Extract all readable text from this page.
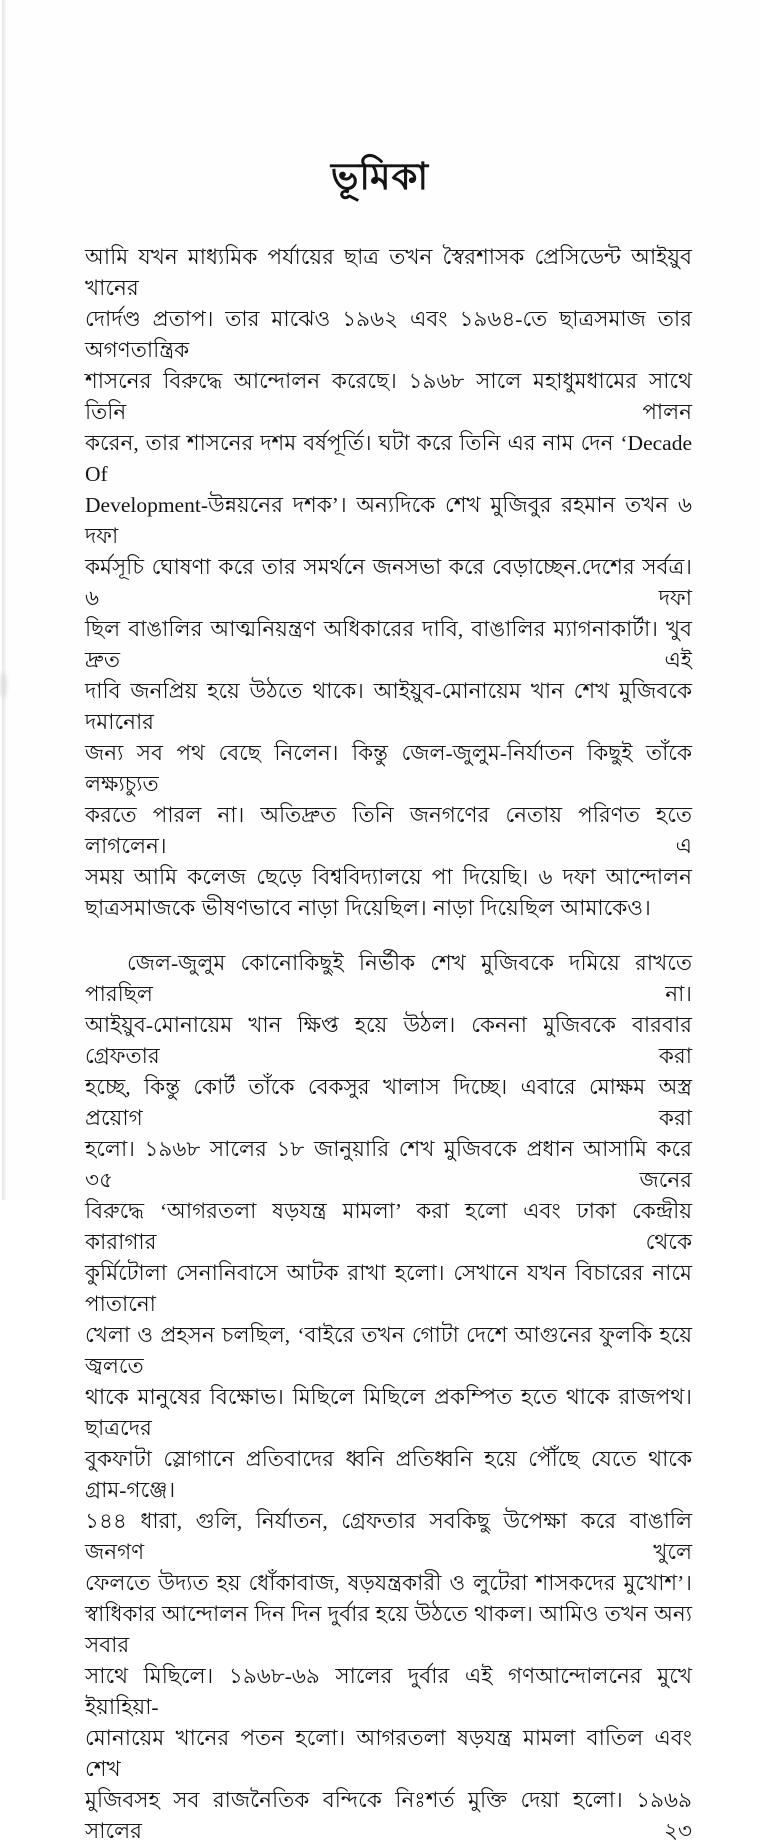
ভূমিকা
আমি যখন মাধ্যমিক পর্যায়ের ছাত্র তখন স্বৈরশাসক প্রেসিডেন্ট আইয়ুব খানের
দোর্দণ্ড প্রতাপ। তার মাঝেও ১৯৬২ এবং ১৯৬৪-তে ছাত্রসমাজ তার অগণতান্ত্রিক
শাসনের বিরুদ্ধে আন্দোলন করেছে। ১৯৬৮ সালে মহাধুমধামের সাথে তিনি পালন
করেন, তার শাসনের দশম বর্ষপূর্তি। ঘটা করে তিনি এর নাম দেন ‘Decade Of
Development-উন্নয়নের দশক’। অন্যদিকে শেখ মুজিবুর রহমান তখন ৬ দফা
কর্মসূচি ঘোষণা করে তার সমর্থনে জনসভা করে বেড়াচ্ছেন.দেশের সর্বত্র। ৬ দফা
ছিল বাঙালির আত্মনিয়ন্ত্রণ অধিকারের দাবি, বাঙালির ম্যাগনাকার্টা। খুব দ্রুত এই
দাবি জনপ্রিয় হয়ে উঠতে থাকে। আইয়ুব-মোনায়েম খান শেখ মুজিবকে দমানোর
জন্য সব পথ বেছে নিলেন। কিন্তু জেল-জুলুম-নির্যাতন কিছুই তাঁকে লক্ষ্যচ্যুত
করতে পারল না। অতিদ্রুত তিনি জনগণের নেতায় পরিণত হতে লাগলেন। এ
সময় আমি কলেজ ছেড়ে বিশ্ববিদ্যালয়ে পা দিয়েছি। ৬ দফা আন্দোলন
ছাত্রসমাজকে ভীষণভাবে নাড়া দিয়েছিল। নাড়া দিয়েছিল আমাকেও।
জেল-জুলুম কোনোকিছুই নির্ভীক শেখ মুজিবকে দমিয়ে রাখতে পারছিল না।
আইয়ুব-মোনায়েম খান ক্ষিপ্ত হয়ে উঠল। কেননা মুজিবকে বারবার গ্রেফতার করা
হচ্ছে, কিন্তু কোর্ট তাঁকে বেকসুর খালাস দিচ্ছে। এবারে মোক্ষম অস্ত্র প্রয়োগ করা
হলো। ১৯৬৮ সালের ১৮ জানুয়ারি শেখ মুজিবকে প্রধান আসামি করে ৩৫ জনের
বিরুদ্ধে ‘আগরতলা ষড়যন্ত্র মামলা’ করা হলো এবং ঢাকা কেন্দ্রীয় কারাগার থেকে
কুর্মিটোলা সেনানিবাসে আটক রাখা হলো। সেখানে যখন বিচারের নামে পাতানো
খেলা ও প্রহসন চলছিল, ‘বাইরে তখন গোটা দেশে আগুনের ফুলকি হয়ে জ্বলতে
থাকে মানুষের বিক্ষোভ। মিছিলে মিছিলে প্রকম্পিত হতে থাকে রাজপথ। ছাত্রদের
বুকফাটা স্লোগানে প্রতিবাদের ধ্বনি প্রতিধ্বনি হয়ে পৌঁছে যেতে থাকে গ্রাম-গঞ্জে।
১৪৪ ধারা, গুলি, নির্যাতন, গ্রেফতার সবকিছু উপেক্ষা করে বাঙালি জনগণ খুলে
ফেলতে উদ্যত হয় ধোঁকাবাজ, ষড়যন্ত্রকারী ও লুটেরা শাসকদের মুখোশ’।
স্বাধিকার আন্দোলন দিন দিন দুর্বার হয়ে উঠতে থাকল। আমিও তখন অন্য সবার
সাথে মিছিলে। ১৯৬৮-৬৯ সালের দুর্বার এই গণআন্দোলনের মুখে ইয়াহিয়া-
মোনায়েম খানের পতন হলো। আগরতলা ষড়যন্ত্র মামলা বাতিল এবং শেখ
মুজিবসহ সব রাজনৈতিক বন্দিকে নিঃশর্ত মুক্তি দেয়া হলো। ১৯৬৯ সালের ২৩
